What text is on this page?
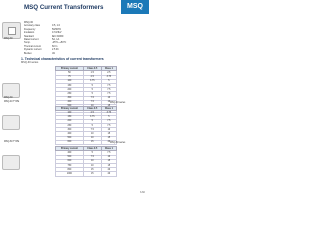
MSQ Current Transformers	MSQ
MSQ-30
MSQ-30
Accuracy class	0.5, 1.0
Frequency	50/60Hz
Insulation	0.72/3kV
Standard	IEC 61869
Rated current	5A, 1A
Temp.	-25°C~+50°C
Thermal current	60 In
Dynamic current	2.5 Ith
Burden	VA
1. Technical characteristics of current transformers
MSQ-30 series
MSQ-30
Primary current	Class 0.5	Class 1
50	1.5	2.5
75	2.5	3.75
100	3.75	5
150	5	7.5
200	5	7.5
250	5	7.5
300	7.5	10
400	7.5	10

MSQ-40 TYPE	MSQ-40 series
Primary current	Class 0.5	Class 1
100	2.5	3.75
150	3.75	5
200	5	7.5
250	5	7.5
300	7.5	10
400	10	15
500	10	15
600	15	20
MSQ-60 TYPE	MSQ-60 series
Primary current	Class 0.5	Class 1
400	5	7.5
500	7.5	10
600	10	15
750	10	15
800	15	20
1000	15	20
3-60
